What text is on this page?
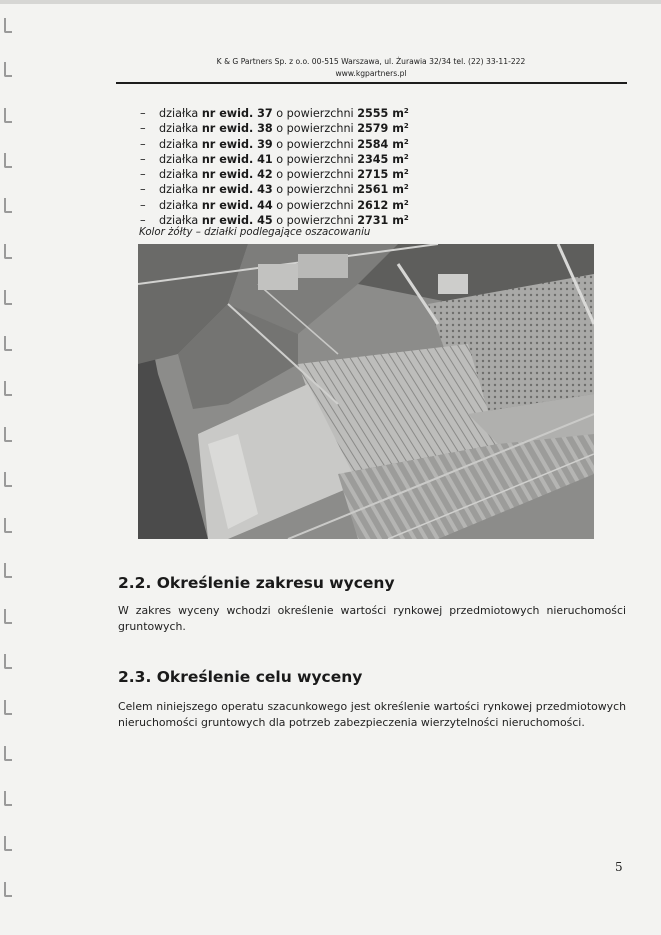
K & G Partners Sp. z o.o. 00-515 Warszawa, ul. Żurawia 32/34 tel. (22) 33-11-222
www.kgpartners.pl
– działka nr ewid. 37 o powierzchni 2555 $m^2$
– działka nr ewid. 38 o powierzchni 2579 $m^2$
– działka nr ewid. 39 o powierzchni 2584 $m^2$
– działka nr ewid. 41 o powierzchni 2345 $m^2$
– działka nr ewid. 42 o powierzchni 2715 $m^2$
– działka nr ewid. 43 o powierzchni 2561 $m^2$
– działka nr ewid. 44 o powierzchni 2612 $m^2$
– działka nr ewid. 45 o powierzchni 2731 $m^2$
Kolor żółty – działki podlegające oszacowaniu
2.2. Określenie zakresu wyceny
W zakres wyceny wchodzi określenie wartości rynkowej przedmiotowych nieruchomości gruntowych.
2.3. Określenie celu wyceny
Celem niniejszego operatu szacunkowego jest określenie wartości rynkowej przedmiotowych nieruchomości gruntowych dla potrzeb zabezpieczenia wierzytelności nieruchomości.
5
